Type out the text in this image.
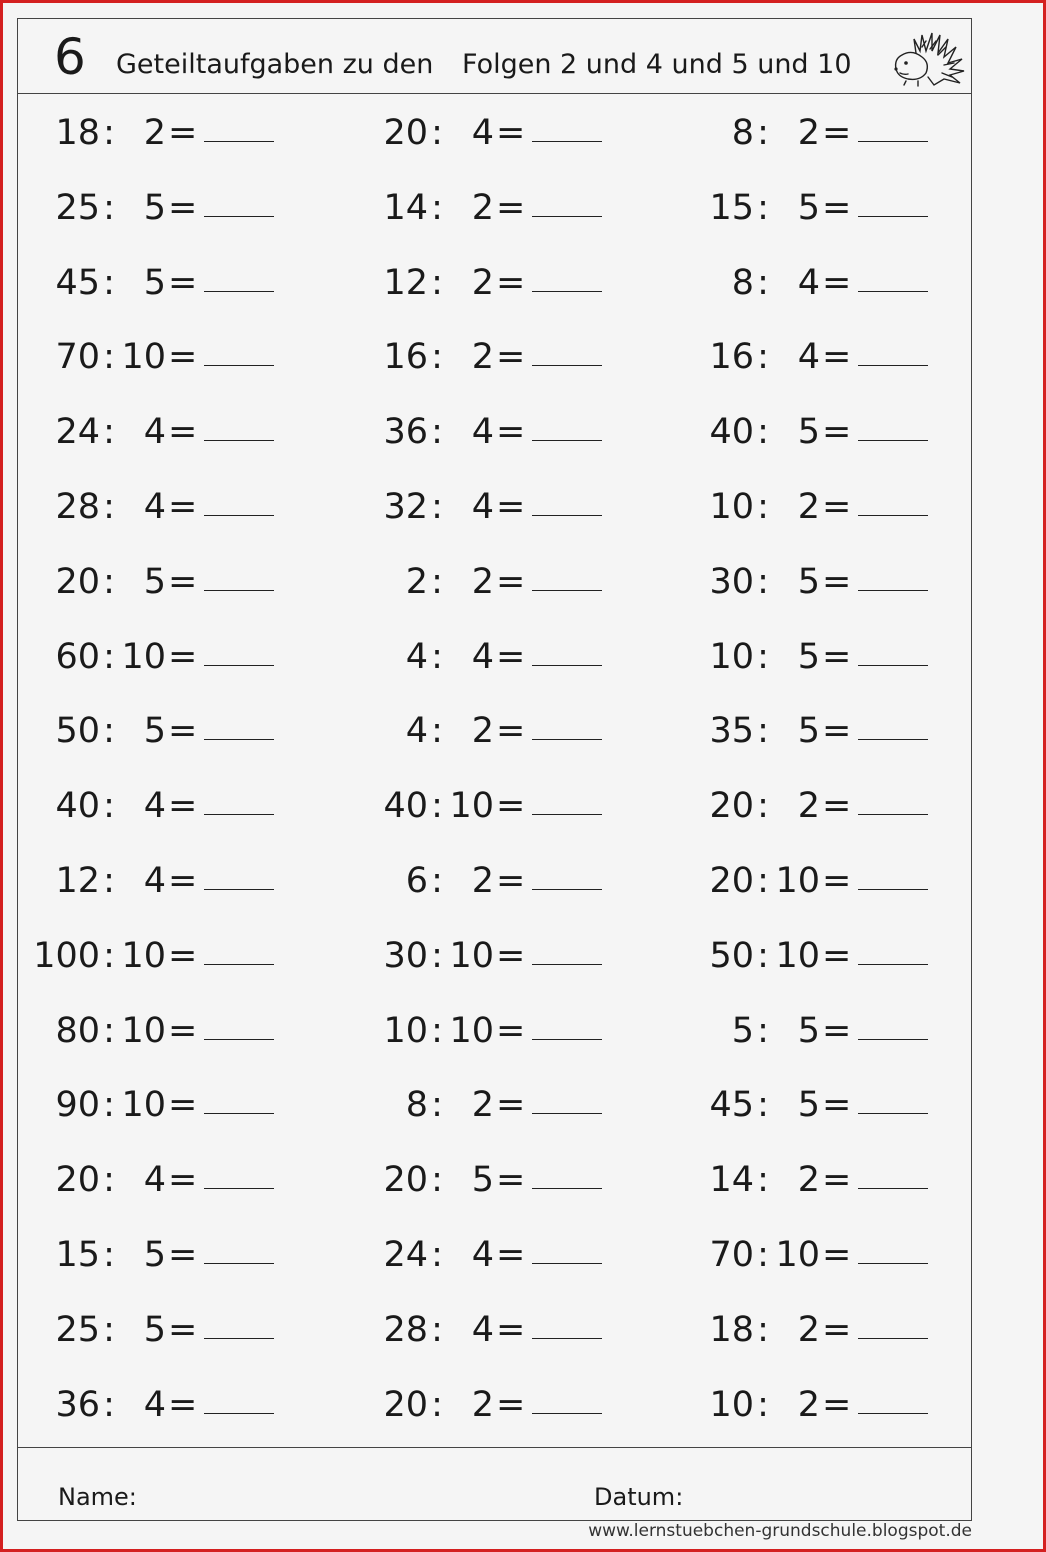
6 Geteiltaufgaben zu den Folgen 2 und 4 und 5 und 10
18 : 2 =	20 : 4 =	8 : 2 =
25 : 5 =	14 : 2 =	15 : 5 =
45 : 5 =	12 : 2 =	8 : 4 =
70 : 10 =	16 : 2 =	16 : 4 =
24 : 4 =	36 : 4 =	40 : 5 =
28 : 4 =	32 : 4 =	10 : 2 =
20 : 5 =	2 : 2 =	30 : 5 =
60 : 10 =	4 : 4 =	10 : 5 =
50 : 5 =	4 : 2 =	35 : 5 =
40 : 4 =	40 : 10 =	20 : 2 =
12 : 4 =	6 : 2 =	20 : 10 =
100 : 10 =	30 : 10 =	50 : 10 =
80 : 10 =	10 : 10 =	5 : 5 =
90 : 10 =	8 : 2 =	45 : 5 =
20 : 4 =	20 : 5 =	14 : 2 =
15 : 5 =	24 : 4 =	70 : 10 =
25 : 5 =	28 : 4 =	18 : 2 =
36 : 4 =	20 : 2 =	10 : 2 =
Name:	Datum:
www.lernstuebchen-grundschule.blogspot.de
